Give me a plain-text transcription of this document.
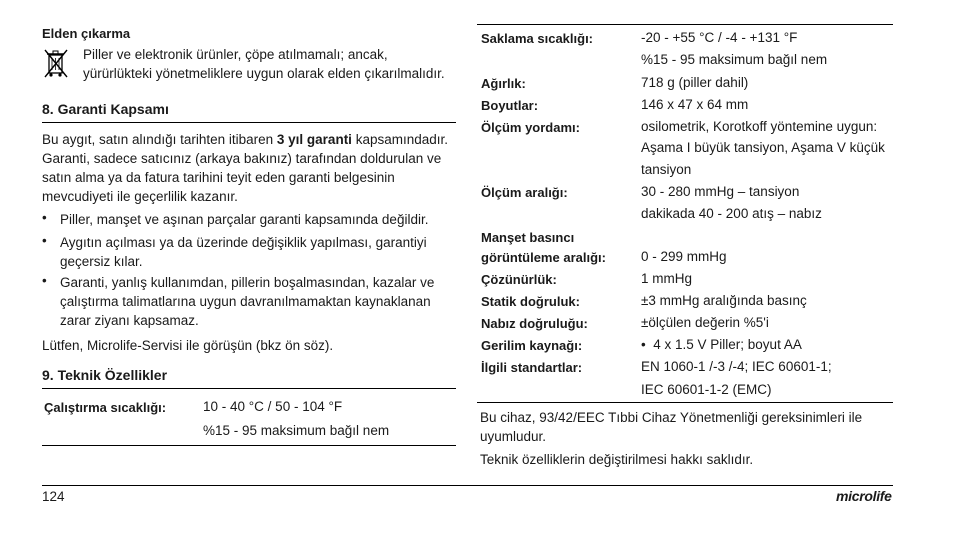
Elden çıkarma
Piller ve elektronik ürünler, çöpe atılmamalı; ancak,
yürürlükteki yönetmeliklere uygun olarak elden çıkarılmalıdır.
8. Garanti Kapsamı
Bu aygıt, satın alındığı tarihten itibaren 3 yıl garanti kapsamındadır.
Garanti, sadece satıcınız (arkaya bakınız) tarafından doldurulan ve
satın alma ya da fatura tarihini teyit eden garanti belgesinin
mevcudiyeti ile geçerlilik kazanır.
• Piller, manşet ve aşınan parçalar garanti kapsamında değildir.
• Aygıtın açılması ya da üzerinde değişiklik yapılması, garantiyi
geçersiz kılar.
• Garanti, yanlış kullanımdan, pillerin boşalmasından, kazalar ve
çalıştırma talimatlarına uygun davranılmamaktan kaynaklanan
zarar ziyanı kapsamaz.
Lütfen, Microlife-Servisi ile görüşün (bkz ön söz).
9. Teknik Özellikler
Çalıştırma sıcaklığı:	10 - 40 °C / 50 - 104 °F
%15 - 95 maksimum bağıl nem
Saklama sıcaklığı:	-20 - +55 °C / -4 - +131 °F
%15 - 95 maksimum bağıl nem
Ağırlık:	718 g (piller dahil)
Boyutlar:	146 x 47 x 64 mm
Ölçüm yordamı:	osilometrik, Korotkoff yöntemine uygun:
Aşama I büyük tansiyon, Aşama V küçük
tansiyon
Ölçüm aralığı:	30 - 280 mmHg – tansiyon
dakikada 40 - 200 atış – nabız
Manşet basıncı
görüntüleme aralığı:	0 - 299 mmHg
Çözünürlük:	1 mmHg
Statik doğruluk:	±3 mmHg aralığında basınç
Nabız doğruluğu:	±ölçülen değerin %5'i
Gerilim kaynağı:	• 4 x 1.5 V Piller; boyut AA
İlgili standartlar:	EN 1060-1 /-3 /-4; IEC 60601-1;
IEC 60601-1-2 (EMC)
Bu cihaz, 93/42/EEC Tıbbi Cihaz Yönetmenliği gereksinimleri ile
uyumludur.
Teknik özelliklerin değiştirilmesi hakkı saklıdır.
124	microlife
